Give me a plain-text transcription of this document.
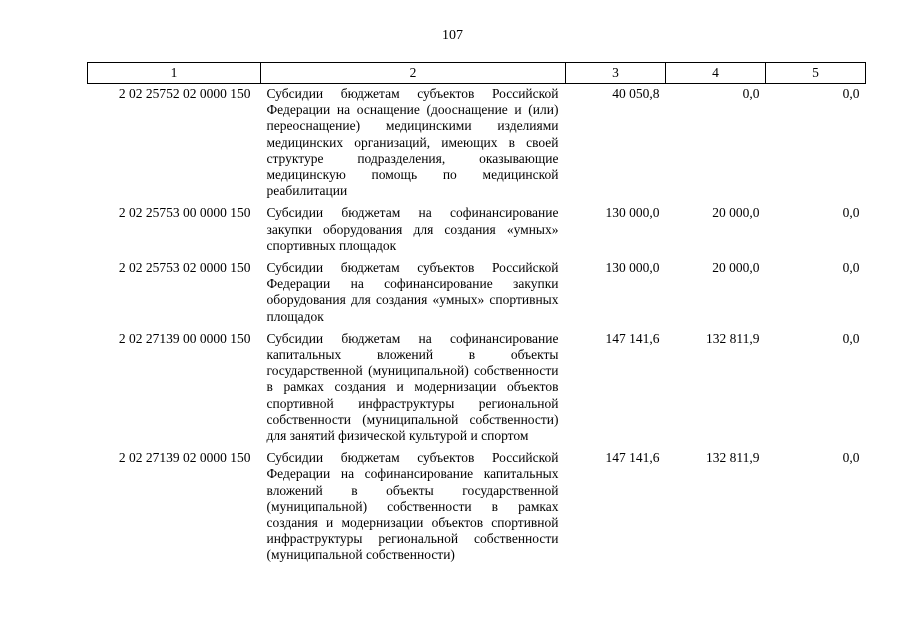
107
1	2	3	4	5
2 02 25752 02 0000 150	Субсидии бюджетам субъектов Российской Федерации на оснащение (дооснащение и (или) переоснащение) медицинскими изделиями медицинских организаций, имеющих в своей структуре подразделения, оказывающие медицинскую помощь по медицинской реабилитации	40 050,8	0,0	0,0
2 02 25753 00 0000 150	Субсидии бюджетам на софинансирование закупки оборудования для создания «умных» спортивных площадок	130 000,0	20 000,0	0,0
2 02 25753 02 0000 150	Субсидии бюджетам субъектов Российской Федерации на софинансирование закупки оборудования для создания «умных» спортивных площадок	130 000,0	20 000,0	0,0
2 02 27139 00 0000 150	Субсидии бюджетам на софинансирование капитальных вложений в объекты государственной (муниципальной) собственности в рамках создания и модернизации объектов спортивной инфраструктуры региональной собственности (муниципальной собственности) для занятий физической культурой и спортом	147 141,6	132 811,9	0,0
2 02 27139 02 0000 150	Субсидии бюджетам субъектов Российской Федерации на софинансирование капитальных вложений в объекты государственной (муниципальной) собственности в рамках создания и модернизации объектов спортивной инфраструктуры региональной собственности (муниципальной собственности)	147 141,6	132 811,9	0,0
